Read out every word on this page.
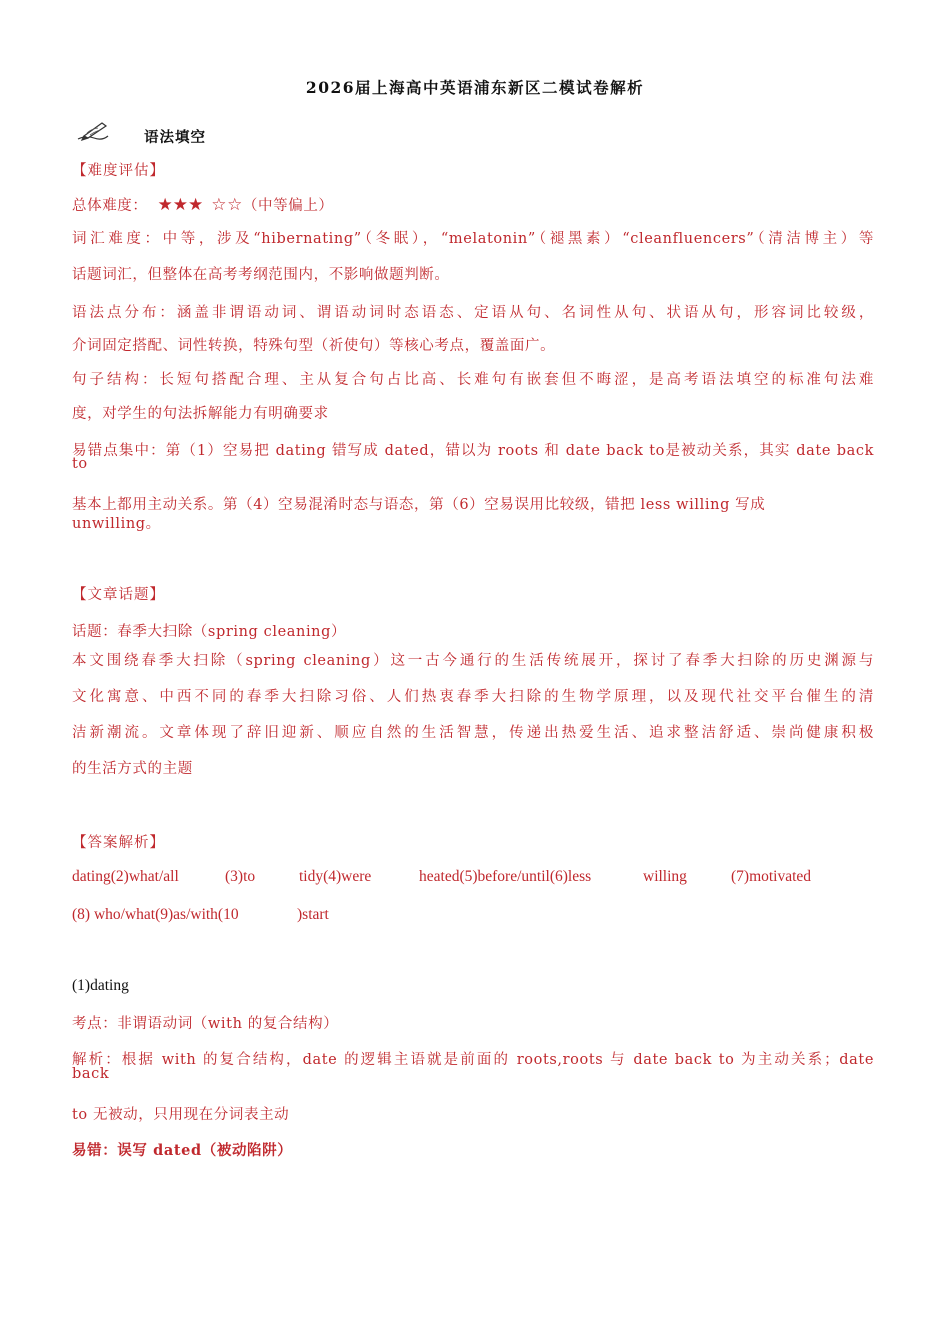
2026届上海高中英语浦东新区二模试卷解析
语法填空
【难度评估】
总体难度： ★★★ ☆☆（中等偏上）
词汇难度：中等，涉及“hibernating”（冬眠），“melatonin”（褪黑素）“cleanfluencers”（清洁博主）等
话题词汇，但整体在高考考纲范围内，不影响做题判断。
语法点分布：涵盖非谓语动词、谓语动词时态语态、定语从句、名词性从句、状语从句，形容词比较级，
介词固定搭配、词性转换，特殊句型（祈使句）等核心考点，覆盖面广。
句子结构：长短句搭配合理、主从复合句占比高、长难句有嵌套但不晦涩，是高考语法填空的标准句法难
度，对学生的句法拆解能力有明确要求
易错点集中：第（1）空易把 dating 错写成 dated，错以为 roots 和 date back to是被动关系，其实 date back
to
基本上都用主动关系。第（4）空易混淆时态与语态，第（6）空易误用比较级，错把 less willing 写成
unwilling。
【文章话题】
话题：春季大扫除（spring cleaning）
本文围绕春季大扫除（spring cleaning）这一古今通行的生活传统展开，探讨了春季大扫除的历史渊源与
文化寓意、中西不同的春季大扫除习俗、人们热衷春季大扫除的生物学原理，以及现代社交平台催生的清
洁新潮流。文章体现了辞旧迎新、顺应自然的生活智慧，传递出热爱生活、追求整洁舒适、崇尚健康积极
的生活方式的主题
【答案解析】
dating(2)what/all	(3)to	tidy(4)were	heated(5)before/until(6)less	willing	(7)motivated
(8) who/what(9)as/with(10	)start
(1)dating
考点：非谓语动词（with 的复合结构）
解析：根据 with 的复合结构，date 的逻辑主语就是前面的 roots,roots 与 date back to 为主动关系；date
back
to 无被动，只用现在分词表主动
易错：误写 dated（被动陷阱）
